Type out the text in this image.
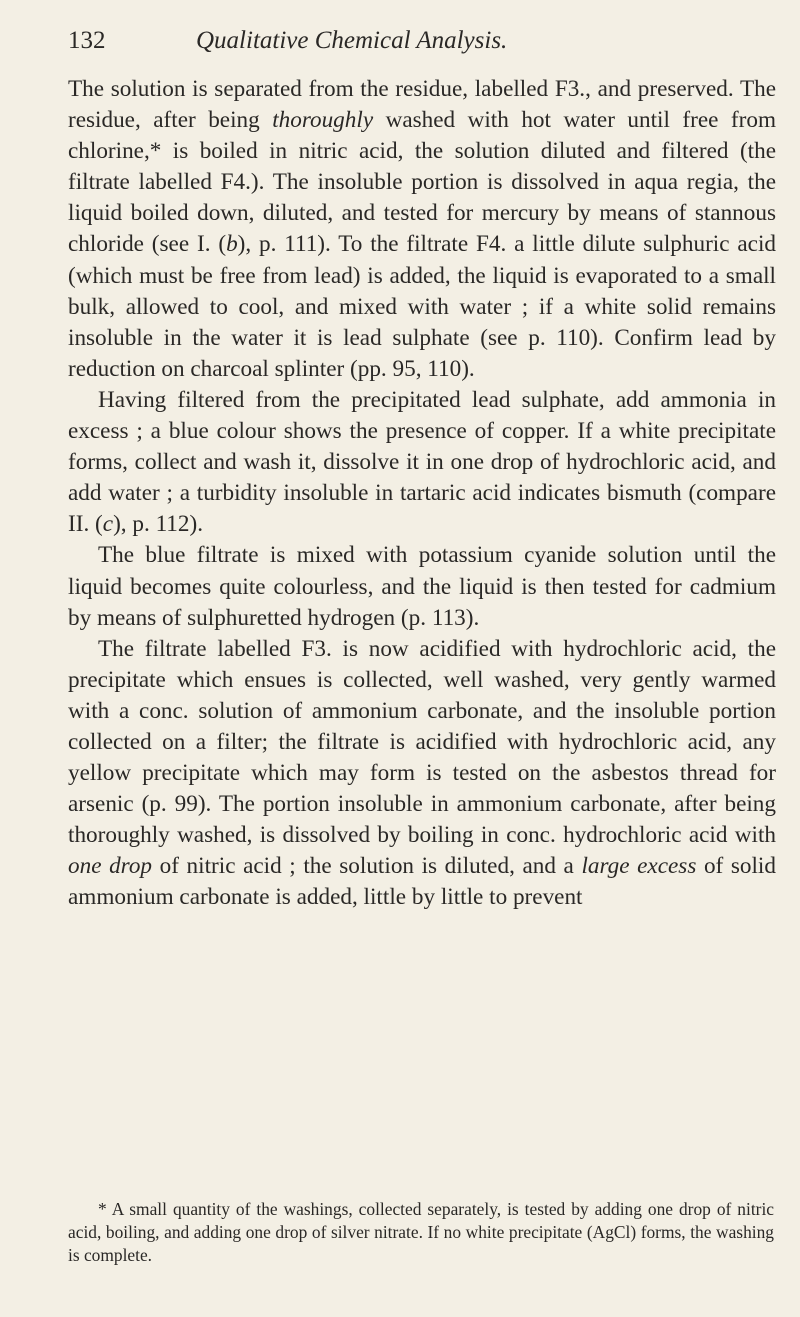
132	Qualitative Chemical Analysis.

The solution is separated from the residue, labelled F3., and preserved. The residue, after being thoroughly washed with hot water until free from chlorine,* is boiled in nitric acid, the solution diluted and filtered (the filtrate labelled F4.). The insoluble portion is dissolved in aqua regia, the liquid boiled down, diluted, and tested for mercury by means of stannous chloride (see I. (b), p. 111). To the filtrate F4. a little dilute sulphuric acid (which must be free from lead) is added, the liquid is evaporated to a small bulk, allowed to cool, and mixed with water ; if a white solid remains insoluble in the water it is lead sulphate (see p. 110). Confirm lead by reduction on charcoal splinter (pp. 95, 110).

Having filtered from the precipitated lead sulphate, add ammonia in excess ; a blue colour shows the presence of copper. If a white precipitate forms, collect and wash it, dissolve it in one drop of hydrochloric acid, and add water ; a turbidity insoluble in tartaric acid indicates bismuth (compare II. (c), p. 112).

The blue filtrate is mixed with potassium cyanide solution until the liquid becomes quite colourless, and the liquid is then tested for cadmium by means of sulphuretted hydrogen (p. 113).

The filtrate labelled F3. is now acidified with hydrochloric acid, the precipitate which ensues is collected, well washed, very gently warmed with a conc. solution of ammonium carbonate, and the insoluble portion collected on a filter; the filtrate is acidified with hydrochloric acid, any yellow precipitate which may form is tested on the asbestos thread for arsenic (p. 99). The portion insoluble in ammonium carbonate, after being thoroughly washed, is dissolved by boiling in conc. hydrochloric acid with one drop of nitric acid ; the solution is diluted, and a large excess of solid ammonium carbonate is added, little by little to prevent

* A small quantity of the washings, collected separately, is tested by adding one drop of nitric acid, boiling, and adding one drop of silver nitrate. If no white precipitate (AgCl) forms, the washing is complete.
